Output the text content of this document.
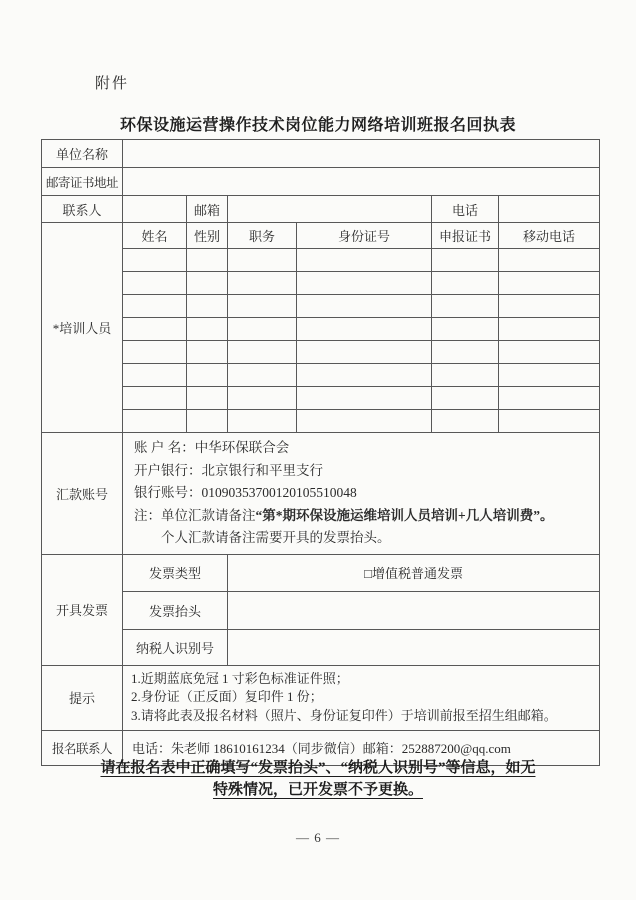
附件
环保设施运营操作技术岗位能力网络培训班报名回执表
单位名称						
邮寄证书地址						
联系人		邮箱			电话	
*培训人员	姓名	性别	职务	身份证号	申报证书	移动电话

汇款账号	账 户 名：中华环保联合会
开户银行：北京银行和平里支行
银行账号：01090353700120105510048
注：单位汇款请备注“第*期环保设施运维培训人员培训+几人培训费”。
个人汇款请备注需要开具的发票抬头。					

开具发票	发票类型		□增值税普通发票			
	发票抬头					
	纳税人识别号					
提示	1.近期蓝底免冠 1 寸彩色标准证件照；
2.身份证（正反面）复印件 1 份；
3.请将此表及报名材料（照片、身份证复印件）于培训前报至招生组邮箱。					

报名联系人	电话：朱老师 18610161234（同步微信）邮箱：252887200@qq.com					
请在报名表中正确填写“发票抬头”、“纳税人识别号”等信息，如无
特殊情况，已开发票不予更换。
— 6 —
